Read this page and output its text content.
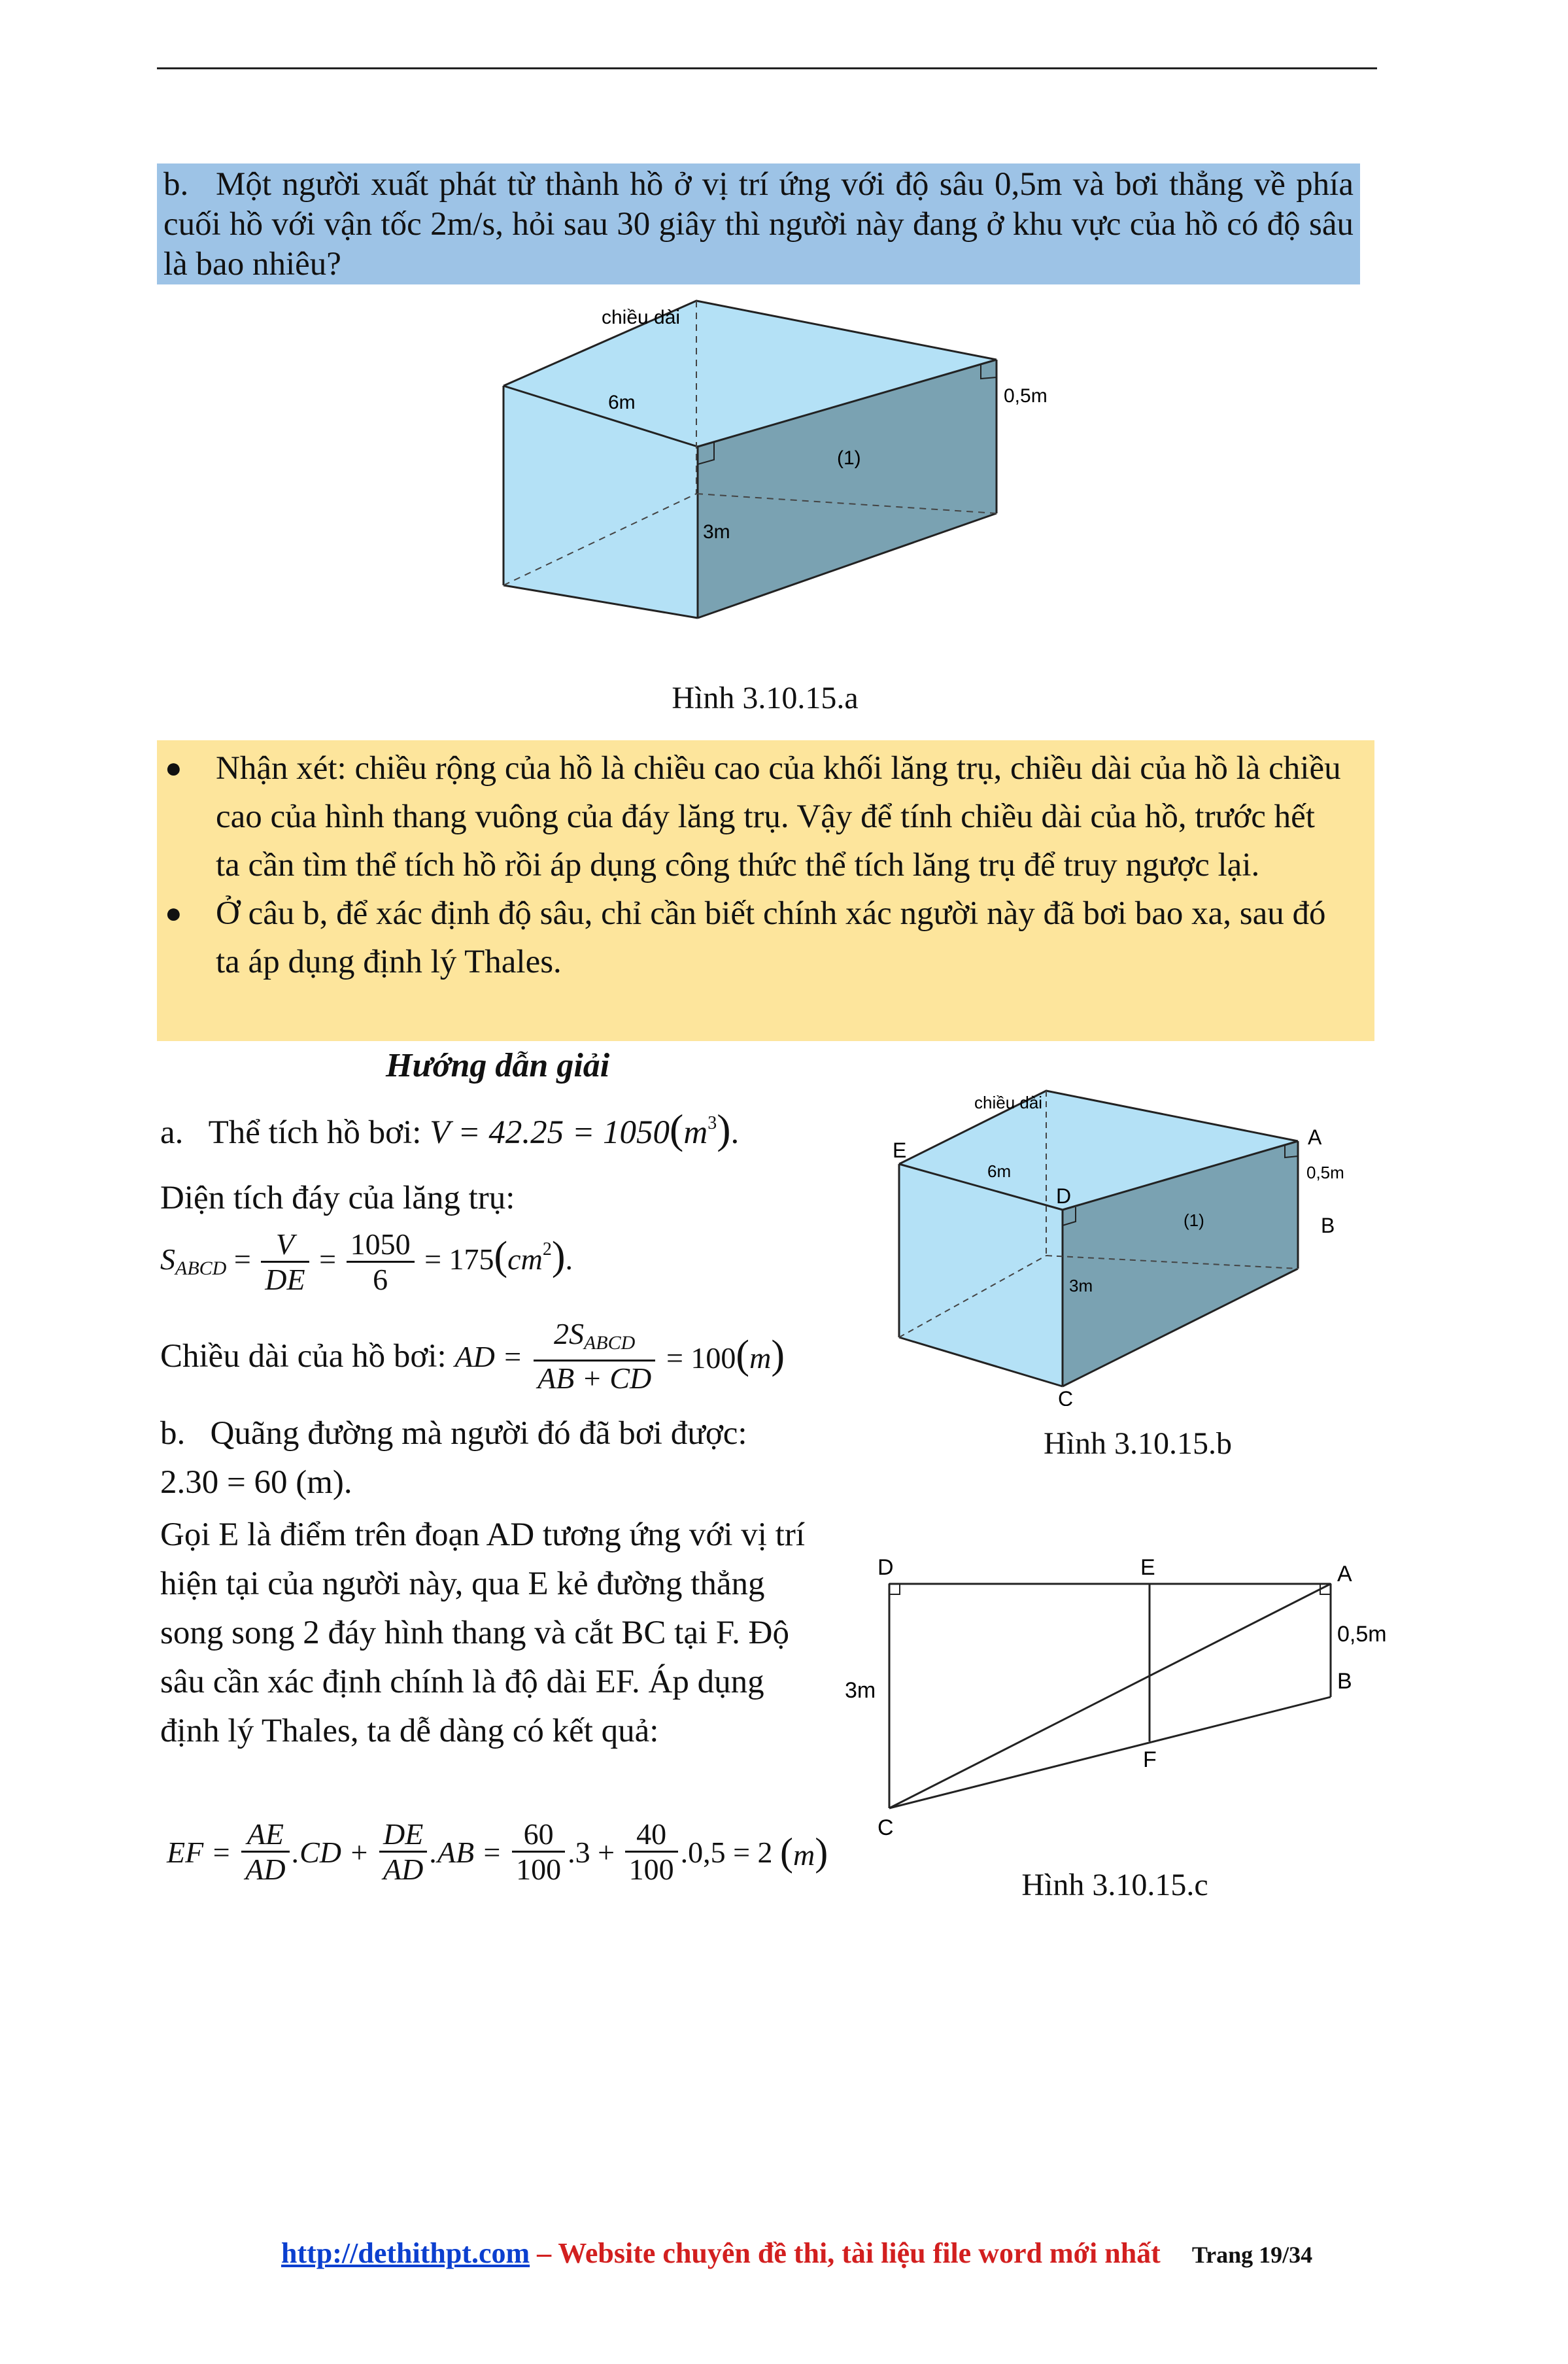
b. Một người xuất phát từ thành hồ ở vị trí ứng với độ sâu 0,5m và bơi thẳng về phía cuối hồ với vận tốc 2m/s, hỏi sau 30 giây thì người này đang ở khu vực của hồ có độ sâu là bao nhiêu?
chiều dài
6m	0,5m
(1)
3m
Hình 3.10.15.a
● Nhận xét: chiều rộng của hồ là chiều cao của khối lăng trụ, chiều dài của hồ là chiều cao của hình thang vuông của đáy lăng trụ. Vậy để tính chiều dài của hồ, trước hết ta cần tìm thể tích hồ rồi áp dụng công thức thể tích lăng trụ để truy ngược lại.
● Ở câu b, để xác định độ sâu, chỉ cần biết chính xác người này đã bơi bao xa, sau đó ta áp dụng định lý Thales.
Hướng dẫn giải
a. Thể tích hồ bơi: $V = 42.25 = 1050(m^3)$.
Diện tích đáy của lăng trụ:
$S_{ABCD} = \frac{V}{DE} = \frac{1050}{6} = 175(cm^2)$.
Chiều dài của hồ bơi: AD = $\frac{2S_{ABCD}}{AB + CD} = 100(m)$
b. Quãng đường mà người đó đã bơi được:
2.30 = 60 (m).
Gọi E là điểm trên đoạn AD tương ứng với vị trí hiện tại của người này, qua E kẻ đường thẳng song song 2 đáy hình thang và cắt BC tại F. Độ sâu cần xác định chính là độ dài EF. Áp dụng định lý Thales, ta dễ dàng có kết quả:
EF = $\frac{AE}{AD} .CD + \frac{DE}{AD} .AB = \frac{60}{100} .3 + \frac{40}{100} .0,5 = 2$ (m)
chiều dài
6m	0,5m
(1)
3m
A
B
C
D
E
Hình 3.10.15.b
D	E	A
B
C
F
0,5m
3m
Hình 3.10.15.c
http://dethithpt.com – Website chuyên đề thi, tài liệu file word mới nhất Trang 19/34
